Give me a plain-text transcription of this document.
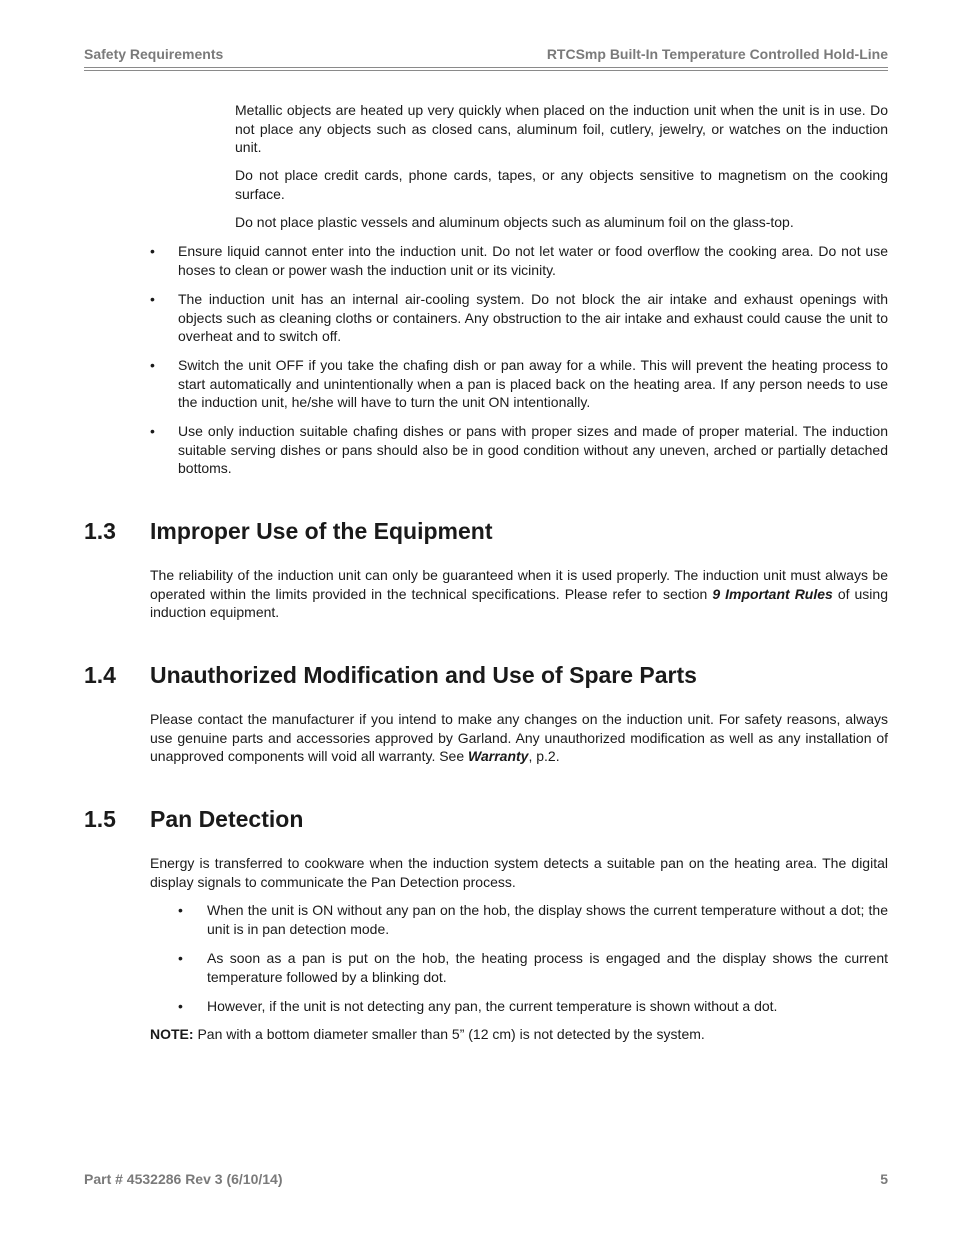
Safety Requirements	RTCSmp Built-In Temperature Controlled Hold-Line

Metallic objects are heated up very quickly when placed on the induction unit when the unit is in use. Do not place any objects such as closed cans, aluminum foil, cutlery, jewelry, or watches on the induction unit.

Do not place credit cards, phone cards, tapes, or any objects sensitive to magnetism on the cooking surface.

Do not place plastic vessels and aluminum objects such as aluminum foil on the glass-top.

• Ensure liquid cannot enter into the induction unit. Do not let water or food overflow the cooking area. Do not use hoses to clean or power wash the induction unit or its vicinity.

• The induction unit has an internal air-cooling system. Do not block the air intake and exhaust openings with objects such as cleaning cloths or containers. Any obstruction to the air intake and exhaust could cause the unit to overheat and to switch off.

• Switch the unit OFF if you take the chafing dish or pan away for a while. This will prevent the heating process to start automatically and unintentionally when a pan is placed back on the heating area. If any person needs to use the induction unit, he/she will have to turn the unit ON intentionally.

• Use only induction suitable chafing dishes or pans with proper sizes and made of proper material. The induction suitable serving dishes or pans should also be in good condition without any uneven, arched or partially detached bottoms.

1.3 Improper Use of the Equipment

The reliability of the induction unit can only be guaranteed when it is used properly. The induction unit must always be operated within the limits provided in the technical specifications. Please refer to section 9 Important Rules of using induction equipment.

1.4 Unauthorized Modification and Use of Spare Parts

Please contact the manufacturer if you intend to make any changes on the induction unit. For safety reasons, always use genuine parts and accessories approved by Garland. Any unauthorized modification as well as any installation of unapproved components will void all warranty. See Warranty, p.2.

1.5 Pan Detection

Energy is transferred to cookware when the induction system detects a suitable pan on the heating area. The digital display signals to communicate the Pan Detection process.

• When the unit is ON without any pan on the hob, the display shows the current temperature without a dot; the unit is in pan detection mode.

• As soon as a pan is put on the hob, the heating process is engaged and the display shows the current temperature followed by a blinking dot.

• However, if the unit is not detecting any pan, the current temperature is shown without a dot.

NOTE: Pan with a bottom diameter smaller than 5” (12 cm) is not detected by the system.

Part # 4532286 Rev 3 (6/10/14)	5
